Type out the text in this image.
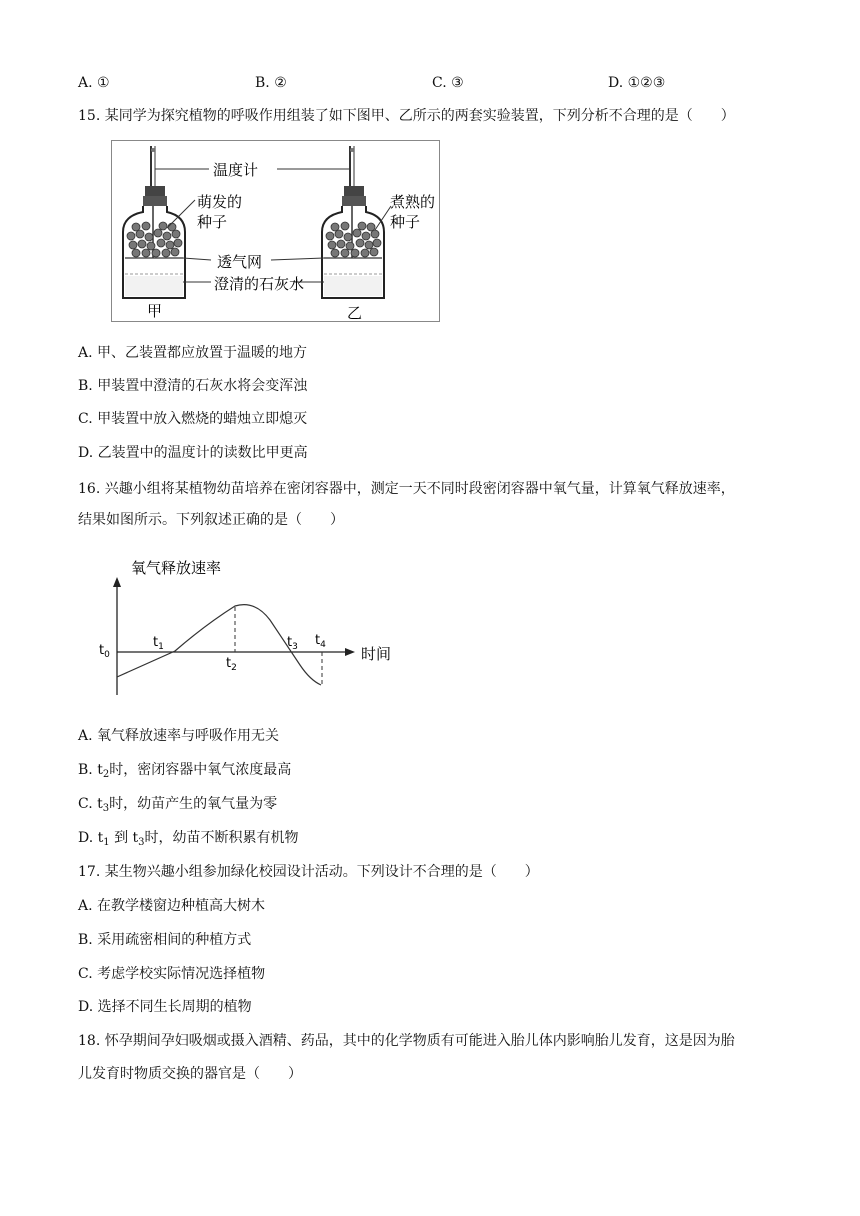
A. ①	B. ②	C. ③	D. ①②③
15. 某同学为探究植物的呼吸作用组装了如下图甲、乙所示的两套实验装置，下列分析不合理的是（　　）
温度计
萌发的
种子
煮熟的
种子
透气网
澄清的石灰水
甲	乙
A. 甲、乙装置都应放置于温暖的地方
B. 甲装置中澄清的石灰水将会变浑浊
C. 甲装置中放入燃烧的蜡烛立即熄灭
D. 乙装置中的温度计的读数比甲更高
16. 兴趣小组将某植物幼苗培养在密闭容器中，测定一天不同时段密闭容器中氧气量，计算氧气释放速率，
结果如图所示。下列叙述正确的是（　　）
氧气释放速率
时间
$t_0$
$t_1$
$t_2$
$t_3$ $t_4$
A. 氧气释放速率与呼吸作用无关
B. $t_2$时，密闭容器中氧气浓度最高
C. $t_3$时，幼苗产生的氧气量为零
D. $t_1$ 到 $t_3$时，幼苗不断积累有机物
17. 某生物兴趣小组参加绿化校园设计活动。下列设计不合理的是（　　）
A. 在教学楼窗边种植高大树木
B. 采用疏密相间的种植方式
C. 考虑学校实际情况选择植物
D. 选择不同生长周期的植物
18. 怀孕期间孕妇吸烟或摄入酒精、药品，其中的化学物质有可能进入胎儿体内影响胎儿发育，这是因为胎
儿发育时物质交换的器官是（　　）
